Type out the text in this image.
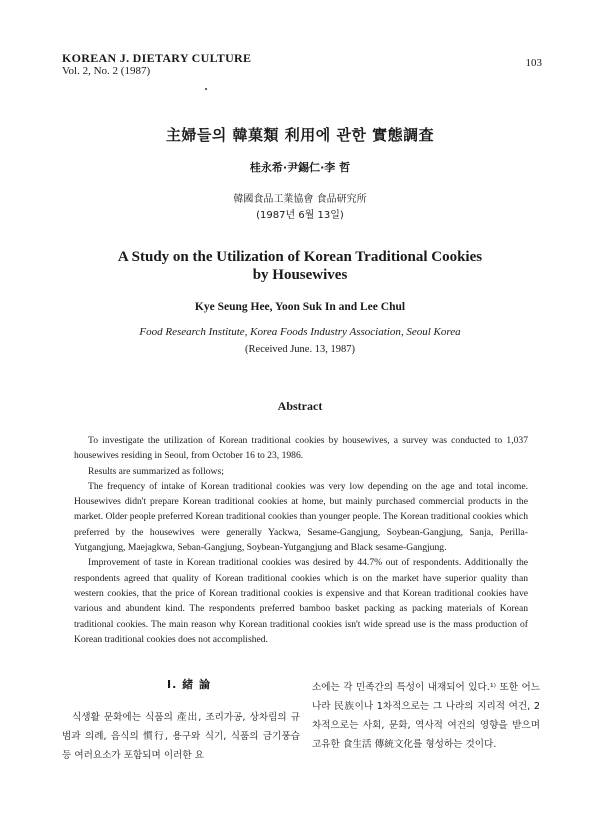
KOREAN J. DIETARY CULTURE
Vol. 2, No. 2 (1987)
103
主婦들의 韓菓類 利用에 관한 實態調査
桂永希·尹錫仁·李 哲
韓國食品工業協會 食品研究所
(1987년 6월 13일)
A Study on the Utilization of Korean Traditional Cookies
by Housewives
Kye Seung Hee, Yoon Suk In and Lee Chul
Food Research Institute, Korea Foods Industry Association, Seoul Korea
(Received June. 13, 1987)
Abstract

To investigate the utilization of Korean traditional cookies by housewives, a survey was conducted to 1,037 housewives residing in Seoul, from October 16 to 23, 1986.

Results are summarized as follows;

The frequency of intake of Korean traditional cookies was very low depending on the age and total income. Housewives didn't prepare Korean traditional cookies at home, but mainly purchased commercial products in the market. Older people preferred Korean traditional cookies than younger people. The Korean traditional cookies which preferred by the housewives were generally Yackwa, Sesame-Gangjung, Soybean-Gangjung, Sanja, Perilla-Yutgangjung, Maejagkwa, Seban-Gangjung, Soybean-Yutgangjung and Black sesame-Gangjung.

Improvement of taste in Korean traditional cookies was desired by 44.7% out of respondents. Additionally the respondents agreed that quality of Korean traditional cookies which is on the market have superior quality than western cookies, that the price of Korean traditional cookies is expensive and that Korean traditional cookies have various and abundent kind. The respondents preferred bamboo basket packing as packing materials of Korean traditional cookies. The main reason why Korean traditional cookies isn't wide spread use is the mass production of Korean traditional cookies does not accomplished.

I. 緒 論

식생활 문화에는 식품의 產出, 조리가공, 상차림의 규범과 의례, 음식의 慣行, 용구와 식기, 식품의 금기풍습 등 여러요소가 포함되며 이러한 요

소에는 각 민족간의 특성이 내재되어 있다.¹⁾ 또한 어느나라 民族이나 1차적으로는 그 나라의 지리적 여건, 2차적으로는 사회, 문화, 역사적 여건의 영향을 받으며 고유한 食生活 傳統文化를 형성하는 것이다.
